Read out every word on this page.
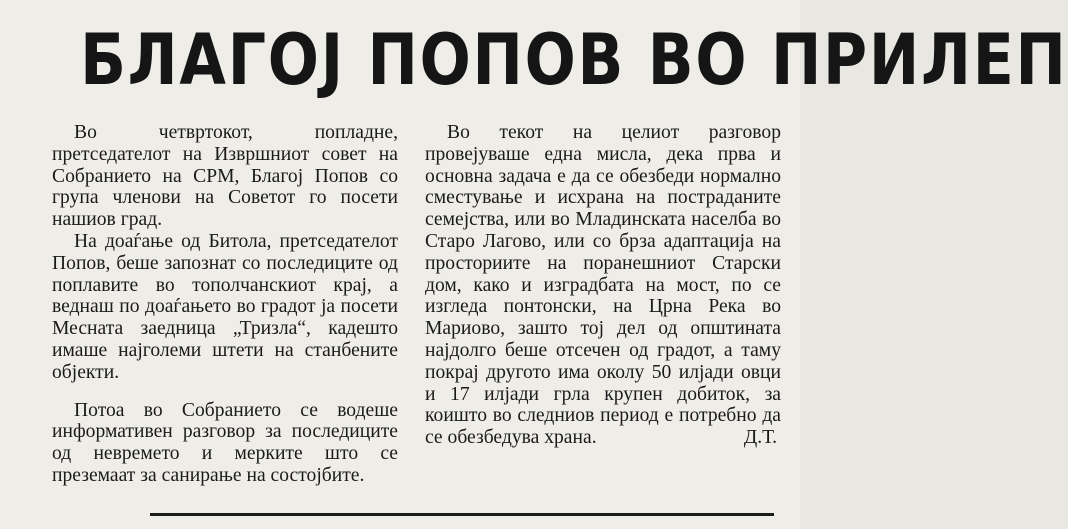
БЛАГОЈ ПОПОВ ВО ПРИЛЕП

Во четвртокот, попладне, претседателот на Извршниот совет на Собранието на СРМ, Благој Попов со група членови на Советот го посети нашиов град.

На доаѓање од Битола, претседателот Попов, беше запознат со последиците од поплавите во тополчанскиот крај, а веднаш по доаѓањето во градот ја посети Месната заедница „Тризла“, кадешто имаше најголеми штети на станбените објекти.

Потоа во Собранието се водеше информативен разговор за последиците од невремето и мерките што се преземаат за санирање на состојбите.

Во текот на целиот разговор провејуваше една мисла, дека прва и основна задача е да се обезбеди нормално сместување и исхрана на постраданите семејства, или во Младинската населба во Старо Лагово, или со брза адаптација на просториите на поранешниот Старски дом, како и изградбата на мост, по се изгледа понтонски, на Црна Река во Мариово, зашто тој дел од општината најдолго беше отсечен од градот, а таму покрај другото има околу 50 илјади овци и 17 илјади грла крупен добиток, за коишто во следниов период е потребно да се обезбедува храна.	Д.Т.
